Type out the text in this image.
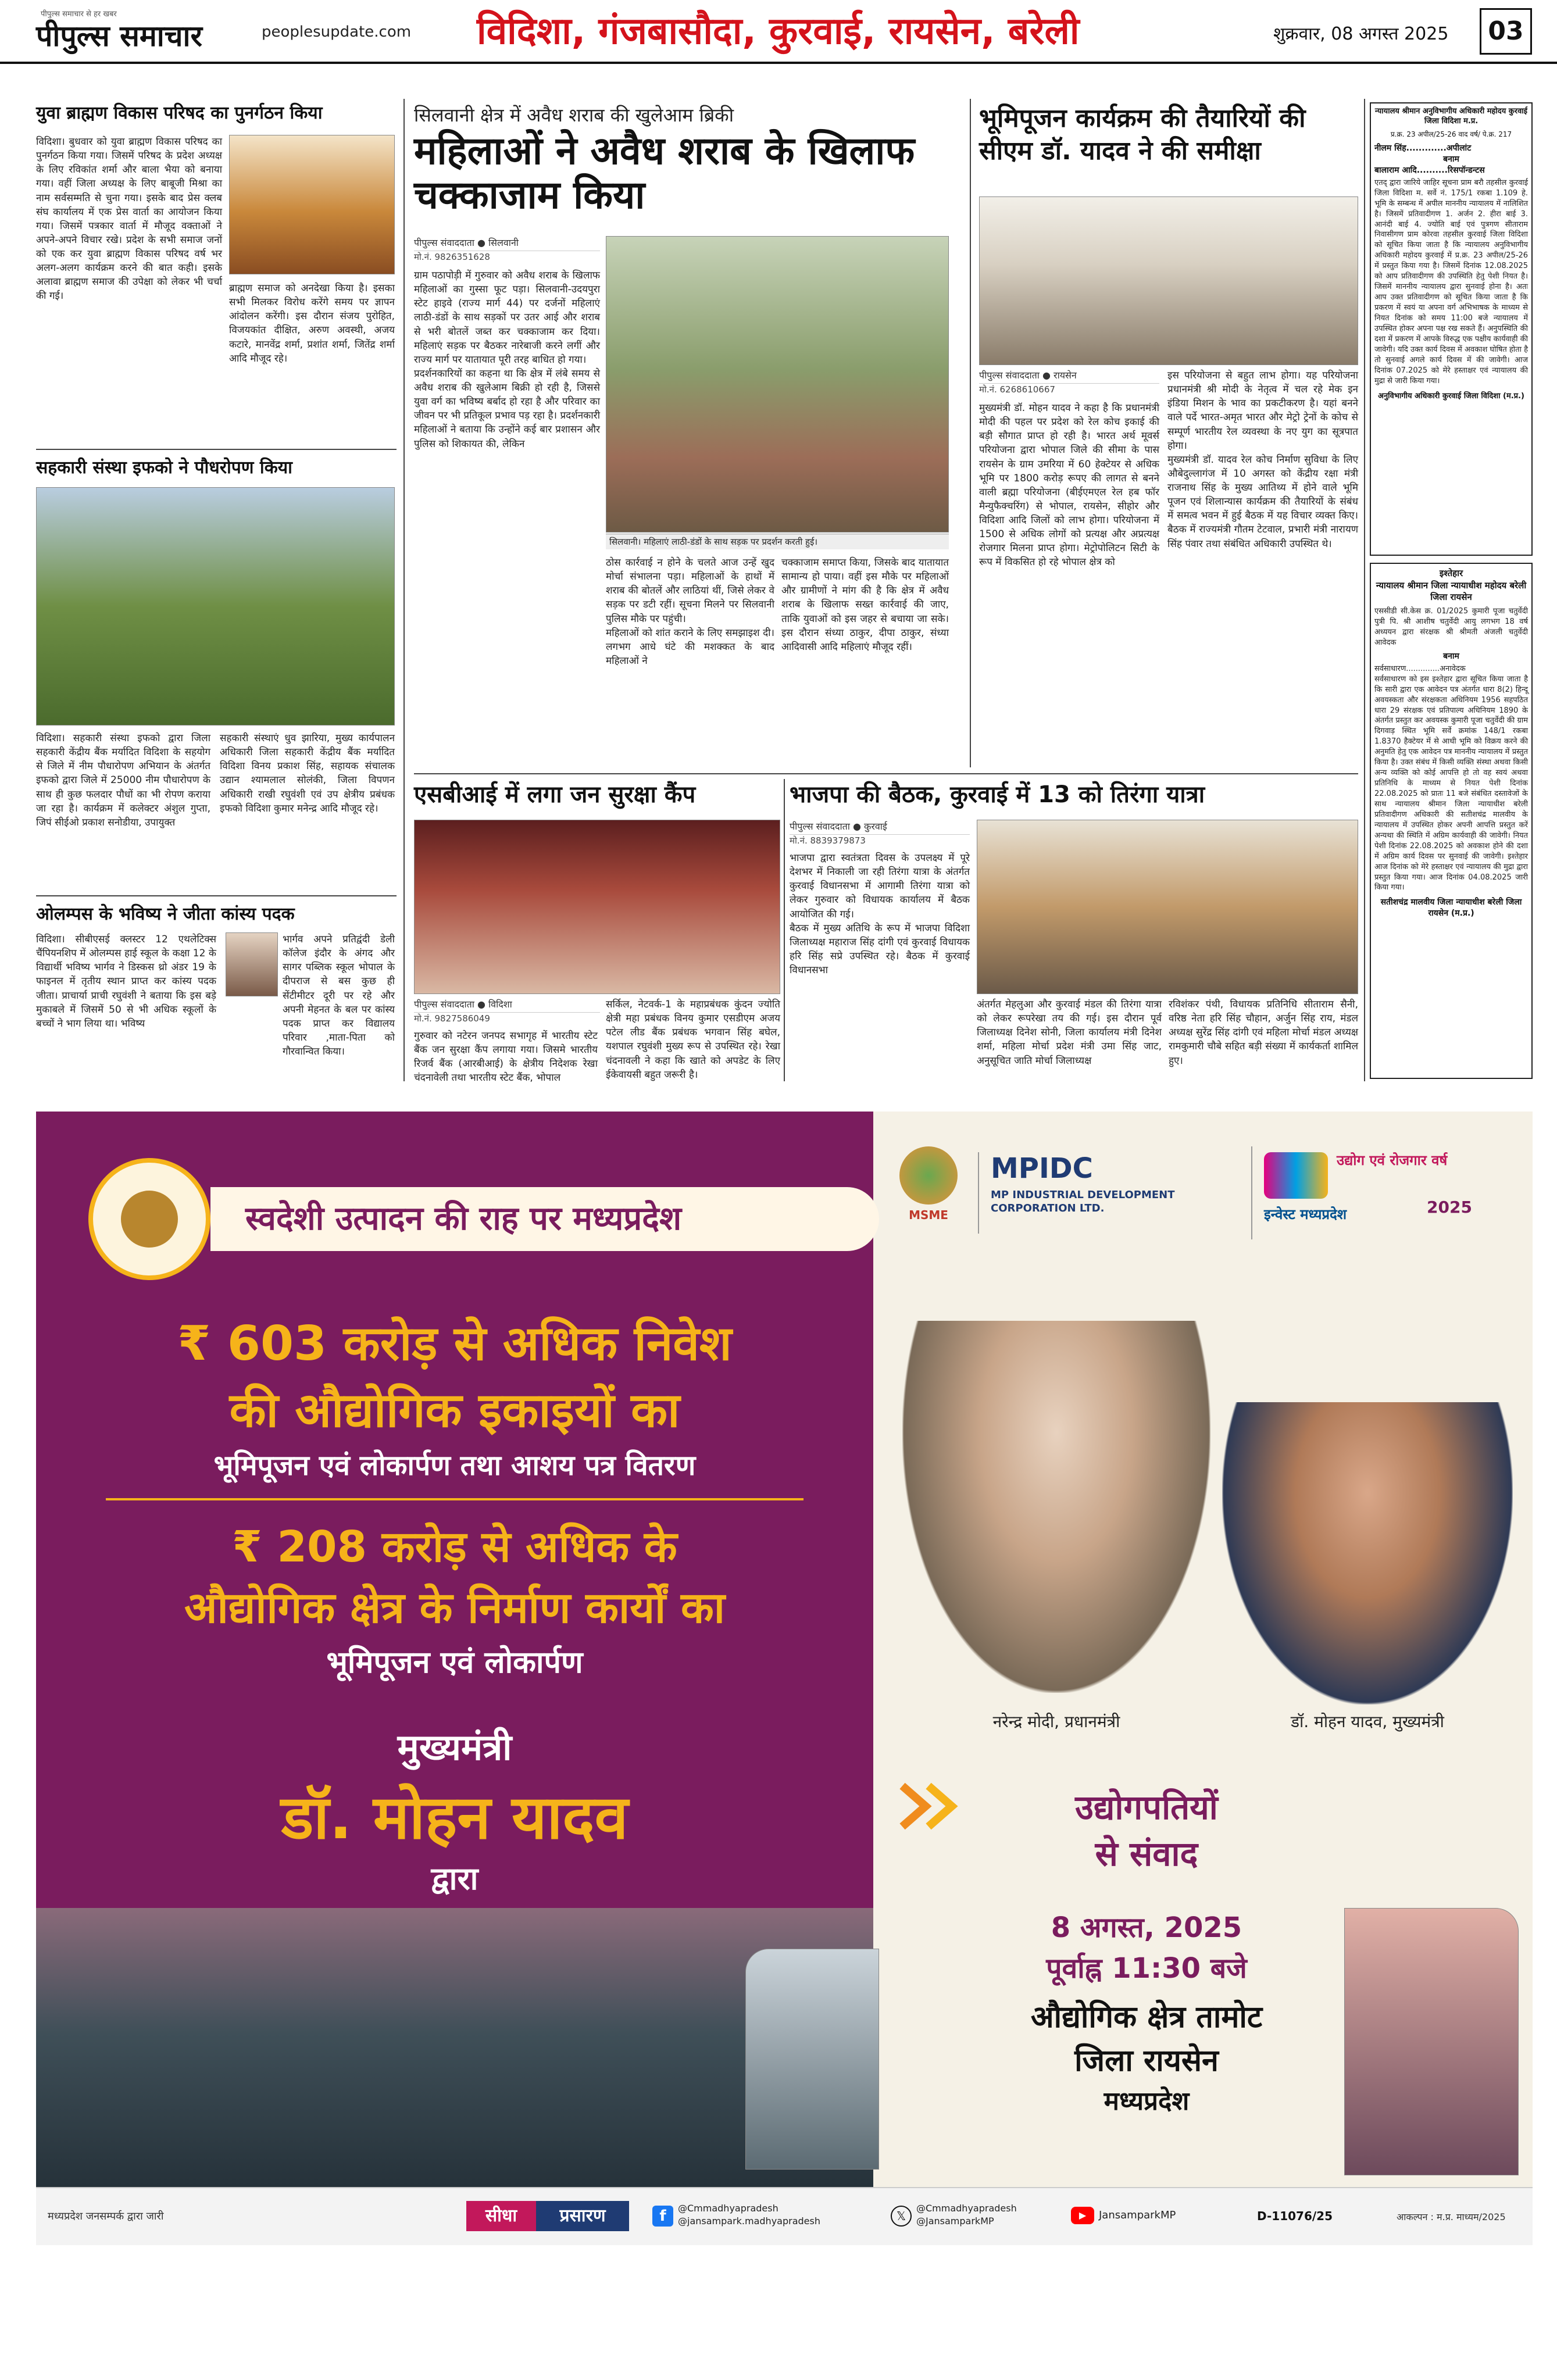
पीपुल्स समाचार से हर खबर
पीपुल्स समाचार	peoplesupdate.com विदिशा, गंजबासौदा, कुरवाई, रायसेन, बरेली	शुक्रवार, 08 अगस्त 2025	03
युवा ब्राह्मण विकास परिषद का पुनर्गठन किया
विदिशा। बुधवार को युवा ब्राह्मण विकास परिषद का पुनर्गठन किया गया। जिसमें परिषद के प्रदेश अध्यक्ष के लिए रविकांत शर्मा और बाला भैया को बनाया गया। वहीं जिला अध्यक्ष के लिए बाबूजी मिश्रा का नाम सर्वसम्मति से चुना गया। इसके बाद प्रेस क्लब संघ कार्यालय में एक प्रेस वार्ता का आयोजन किया गया। जिसमें पत्रकार वार्ता में मौजूद वक्ताओं ने अपने-अपने विचार रखे। प्रदेश के सभी समाज जनों को एक कर युवा ब्राह्मण विकास परिषद वर्ष भर अलग-अलग कार्यक्रम करने की बात कही। इसके अलावा ब्राह्मण समाज की उपेक्षा को लेकर भी चर्चा की गई।
ब्राह्मण समाज को अनदेखा किया है। इसका सभी मिलकर विरोध करेंगे समय पर ज्ञापन आंदोलन करेंगी। इस दौरान संजय पुरोहित, विजयकांत दीक्षित, अरुण अवस्थी, अजय कटारे, मानवेंद्र शर्मा, प्रशांत शर्मा, जितेंद्र शर्मा आदि मौजूद रहे।
सहकारी संस्था इफको ने पौधरोपण किया
विदिशा। सहकारी संस्था इफको द्वारा जिला सहकारी केंद्रीय बैंक मर्यादित विदिशा के सहयोग से जिले में नीम पौधारोपण अभियान के अंतर्गत इफको द्वारा जिले में 25000 नीम पौधारोपण के साथ ही कुछ फलदार पौधों का भी रोपण कराया जा रहा है। कार्यक्रम में कलेक्टर अंशुल गुप्ता, जिपं सीईओ प्रकाश सनोडीया, उपायुक्त
सहकारी संस्थाएं धुव झारिया, मुख्य कार्यपालन अधिकारी जिला सहकारी केंद्रीय बैंक मर्यादित विदिशा विनय प्रकाश सिंह, सहायक संचालक उद्यान श्यामलाल सोलंकी, जिला विपणन अधिकारी राखी रघुवंशी एवं उप क्षेत्रीय प्रबंधक इफको विदिशा कुमार मनेन्द्र आदि मौजूद रहे।
ओलम्पस के भविष्य ने जीता कांस्य पदक
विदिशा। सीबीएसई क्लस्टर 12 एथलेटिक्स चैंपियनशिप में ओलम्पस हाई स्कूल के कक्षा 12 के विद्यार्थी भविष्य भार्गव ने डिस्कस थ्रो अंडर 19 के फाइनल में तृतीय स्थान प्राप्त कर कांस्य पदक जीता। प्राचार्या प्राची रघुवंशी ने बताया कि इस बड़े मुकाबले में जिसमें 50 से भी अधिक स्कूलों के बच्चों ने भाग लिया था। भविष्य
भार्गव अपने प्रतिद्वंदी डेली कॉलेज इंदौर के अंगद और सागर पब्लिक स्कूल भोपाल के दीपराज से बस कुछ ही सेंटीमीटर दूरी पर रहे और अपनी मेहनत के बल पर कांस्य पदक प्राप्त कर विद्यालय परिवार ,माता-पिता को गौरवान्वित किया।
सिलवानी क्षेत्र में अवैध शराब की खुलेआम ब्रिकी
महिलाओं ने अवैध शराब के खिलाफ चक्काजाम किया
पीपुल्स संवाददाता ● सिलवानी
मो.नं. 9826351628
ग्राम पठापोड़ी में गुरुवार को अवैध शराब के खिलाफ महिलाओं का गुस्सा फूट पड़ा। सिलवानी-उदयपुरा स्टेट हाइवे (राज्य मार्ग 44) पर दर्जनों महिलाएं लाठी-डंडों के साथ सड़कों पर उतर आई और शराब से भरी बोतलें जब्त कर चक्काजाम कर दिया। महिलाएं सड़क पर बैठकर नारेबाजी करने लगीं और राज्य मार्ग पर यातायात पूरी तरह बाधित हो गया।
प्रदर्शनकारियों का कहना था कि क्षेत्र में लंबे समय से अवैध शराब की खुलेआम बिक्री हो रही है, जिससे युवा वर्ग का भविष्य बर्बाद हो रहा है और परिवार का जीवन पर भी प्रतिकूल प्रभाव पड़ रहा है। प्रदर्शनकारी महिलाओं ने बताया कि उन्होंने कई बार प्रशासन और पुलिस को शिकायत की, लेकिन
सिलवानी। महिलाएं लाठी-डंडों के साथ सड़क पर प्रदर्शन करती हुई।
ठोस कार्रवाई न होने के चलते आज उन्हें खुद मोर्चा संभालना पड़ा। महिलाओं के हाथों में शराब की बोतलें और लाठियां थीं, जिसे लेकर वे सड़क पर डटी रहीं। सूचना मिलने पर सिलवानी पुलिस मौके पर पहुंची।
महिलाओं को शांत कराने के लिए समझाइश दी। लगभग आधे घंटे की मशक्कत के बाद महिलाओं ने
चक्काजाम समाप्त किया, जिसके बाद यातायात सामान्य हो पाया। वहीं इस मौके पर महिलाओं और ग्रामीणों ने मांग की है कि क्षेत्र में अवैध शराब के खिलाफ सख्त कार्रवाई की जाए, ताकि युवाओं को इस जहर से बचाया जा सके। इस दौरान संध्या ठाकुर, दीपा ठाकुर, संध्या आदिवासी आदि महिलाएं मौजूद रहीं।
एसबीआई में लगा जन सुरक्षा कैंप
पीपुल्स संवाददाता ● विदिशा
मो.नं. 9827586049
गुरुवार को नटेरन जनपद सभागृह में भारतीय स्टेट बैंक जन सुरक्षा कैंप लगाया गया। जिसमे भारतीय रिजर्व बैंक (आरबीआई) के क्षेत्रीय निदेशक रेखा चंदनावेली तथा भारतीय स्टेट बैंक, भोपाल
सर्किल, नेटवर्क-1 के महाप्रबंधक कुंदन ज्योति क्षेत्री महा प्रबंधक विनय कुमार एसडीएम अजय पटेल लीड बैंक प्रबंधक भगवान सिंह बघेल, यशपाल रघुवंशी मुख्य रूप से उपस्थित रहे। रेखा चंदनावली ने कहा कि खाते को अपडेट के लिए ईकेवायसी बहुत जरूरी है।
भाजपा की बैठक, कुरवाई में 13 को तिरंगा यात्रा
पीपुल्स संवाददाता ● कुरवाई
मो.नं. 8839379873
भाजपा द्वारा स्वतंत्रता दिवस के उपलक्ष्य में पूरे देशभर में निकाली जा रही तिरंगा यात्रा के अंतर्गत कुरवाई विधानसभा में आगामी तिरंगा यात्रा को लेकर गुरुवार को विधायक कार्यालय में बैठक आयोजित की गई।
बैठक में मुख्य अतिथि के रूप में भाजपा विदिशा जिलाध्यक्ष महाराज सिंह दांगी एवं कुरवाई विधायक हरि सिंह सप्रे उपस्थित रहे। बैठक में कुरवाई विधानसभा
अंतर्गत मेहलुआ और कुरवाई मंडल की तिरंगा यात्रा को लेकर रूपरेखा तय की गई। इस दौरान पूर्व जिलाध्यक्ष दिनेश सोनी, जिला कार्यालय मंत्री दिनेश शर्मा, महिला मोर्चा प्रदेश मंत्री उमा सिंह जाट, अनुसूचित जाति मोर्चा जिलाध्यक्ष
रविशंकर पंथी, विधायक प्रतिनिधि सीताराम सैनी, वरिष्ठ नेता हरि सिंह चौहान, अर्जुन सिंह राय, मंडल अध्यक्ष सुरेंद्र सिंह दांगी एवं महिला मोर्चा मंडल अध्यक्ष रामकुमारी चौबे सहित बड़ी संख्या में कार्यकर्ता शामिल हुए।
भूमिपूजन कार्यक्रम की तैयारियों की सीएम डॉ. यादव ने की समीक्षा
पीपुल्स संवाददाता ● रायसेन
मो.नं. 6268610667
मुख्यमंत्री डॉ. मोहन यादव ने कहा है कि प्रधानमंत्री मोदी की पहल पर प्रदेश को रेल कोच इकाई की बड़ी सौगात प्राप्त हो रही है। भारत अर्थ मूवर्स परियोजना द्वारा भोपाल जिले की सीमा के पास रायसेन के ग्राम उमरिया में 60 हेक्टेयर से अधिक भूमि पर 1800 करोड़ रूपए की लागत से बनने वाली ब्रह्मा परियोजना (बीईएमएल रेल हब फॉर मैन्युफैक्चरिंग) से भोपाल, रायसेन, सीहोर और विदिशा आदि जिलों को लाभ होगा। परियोजना में 1500 से अधिक लोगों को प्रत्यक्ष और अप्रत्यक्ष रोजगार मिलना प्राप्त होगा। मेट्रोपोलिटन सिटी के रूप में विकसित हो रहे भोपाल क्षेत्र को
इस परियोजना से बहुत लाभ होगा। यह परियोजना प्रधानमंत्री श्री मोदी के नेतृत्व में चल रहे मेक इन इंडिया मिशन के भाव का प्रकटीकरण है। यहां बनने वाले पर्दे भारत-अमृत भारत और मेट्रो ट्रेनों के कोच से सम्पूर्ण भारतीय रेल व्यवस्था के नए युग का सूत्रपात होगा।
मुख्यमंत्री डॉ. यादव रेल कोच निर्माण सुविधा के लिए औबेदुल्लागंज में 10 अगस्त को केंद्रीय रक्षा मंत्री राजनाथ सिंह के मुख्य आतिथ्य में होने वाले भूमि पूजन एवं शिलान्यास कार्यक्रम की तैयारियों के संबंध में समत्व भवन में हुई बैठक में यह विचार व्यक्त किए। बैठक में राज्यमंत्री गौतम टेटवाल, प्रभारी मंत्री नारायण सिंह पंवार तथा संबंधित अधिकारी उपस्थित थे।
न्यायालय श्रीमान अनुविभागीय अधिकारी महोदय कुरवाई जिला विदिशा म.प्र.
प्र.क्र. 23 अपील/25-26 वाद वर्ष/ पे.क्र. 217
नीलम सिंह.............अपीलांट
बनाम
बालाराम आदि..........रिसपॉन्डन्टस
एतद् द्वारा जारिये जाहिर सूचना प्राम बरौ तहसील कुरवाई जिला विदिशा म. सर्वे नं. 175/1 रकबा 1.109 हे. भूमि के सम्बन्ध में अपील माननीय न्यायालय में नालिशित है। जिसमें प्रतिवादीगण 1. अर्जन 2. हीरा बाई 3. आनंदी बाई 4. ज्योति बाई एवं पुत्रगण सीताराम निवासीगण प्राम कोरवा तहसील कुरवाई जिला विदिशा को सूचित किया जाता है कि न्यायालय अनुविभागीय अधिकारी महोदय कुरवाई में प्र.क्र. 23 अपील/25-26 में प्रस्तुत किया गया है। जिसमें दिनांक 12.08.2025 को आप प्रतिवादीगण की उपस्थिति हेतु पेशी नियत है। जिसमें माननीय न्यायालय द्वारा सुनवाई होना है। अतः आप उक्त प्रतिवादीगण को सूचित किया जाता है कि प्रकरण में स्वयं या अपना वर्ग अभिभाषक के माध्यम से नियत दिनांक को समय 11:00 बजे न्यायालय में उपस्थित होकर अपना पक्ष रख सकते हैं। अनुपस्थिति की दशा में प्रकरण में आपके विरुद्ध एक पक्षीय कार्यवाही की जावेगी। यदि उक्त कार्य दिवस में अवकाश घोषित होता है तो सुनवाई अगले कार्य दिवस में की जावेगी। आज दिनांक 07.2025 को मेरे हस्ताक्षर एवं न्यायालय की मुद्रा से जारी किया गया।
अनुविभागीय अधिकारी कुरवाई जिला विदिशा (म.प्र.)
इश्तेहार
न्यायालय श्रीमान जिला न्यायाधीश महोदय बरेली जिला रायसेन
एससीडी सी.केस क्र. 01/2025 कुमारी पूजा चतुर्वेदी पुत्री पि. श्री आशीष चतुर्वेदी आयु लगभग 18 वर्ष अध्ययन द्वारा संरक्षक श्री श्रीमती अंजली चतुर्वेदी आवेदक
बनाम
सर्वसाधारण..............अनावेदक
सर्वसाधारण को इस इश्तेहार द्वारा सूचित किया जाता है कि सारी द्वारा एक आवेदन पत्र अंतर्गत धारा 8(2) हिन्दू अवयस्कता और संरक्षकता अधिनियम 1956 सहपठित धारा 29 संरक्षक एवं प्रतिपाल्य अधिनियम 1890 के अंतर्गत प्रस्तुत कर अवयस्क कुमारी पूजा चतुर्वेदी की ग्राम दिगवाड़ स्थित भूमि सर्वे क्रमांक 148/1 रकबा 1.8370 हैक्टेयर में से आधी भूमि को विक्रय करने की अनुमति हेतु एक आवेदन पत्र माननीय न्यायालय में प्रस्तुत किया है। उक्त संबंध में किसी व्यक्ति संस्था अथवा किसी अन्य व्यक्ति को कोई आपत्ति हो तो वह स्वयं अथवा प्रतिनिधि के माध्यम से नियत पेशी दिनांक 22.08.2025 को प्रातः 11 बजे संबंधित दस्तावेजों के साथ न्यायालय श्रीमान जिला न्यायाधीश बरेली प्रतिवादीगण अधिकारी की सतीशचंद्र मालवीय के न्यायालय में उपस्थित होकर अपनी आपत्ति प्रस्तुत करें अन्यथा की स्थिति में अग्रिम कार्यवाही की जावेगी। नियत पेशी दिनांक 22.08.2025 को अवकाश होने की दशा में अग्रिम कार्य दिवस पर सुनवाई की जावेगी। इश्तेहार आज दिनांक को मेरे हस्ताक्षर एवं न्यायालय की मुद्रा द्वारा प्रस्तुत किया गया। आज दिनांक 04.08.2025 जारी किया गया।
सतीशचंद्र मालवीय जिला न्यायाधीश बरेली जिला रायसेन (म.प्र.)
स्वदेशी उत्पादन की राह पर मध्यप्रदेश
₹ 603 करोड़ से अधिक निवेश
की औद्योगिक इकाइयों का
भूमिपूजन एवं लोकार्पण तथा आशय पत्र वितरण
₹ 208 करोड़ से अधिक के
औद्योगिक क्षेत्र के निर्माण कार्यों का
भूमिपूजन एवं लोकार्पण
मुख्यमंत्री
डॉ. मोहन यादव
द्वारा
MSME
MPIDC
MP INDUSTRIAL DEVELOPMENT CORPORATION LTD.
उद्योग एवं रोजगार वर्ष
2025
इन्वेस्ट मध्यप्रदेश
नरेन्द्र मोदी, प्रधानमंत्री	डॉ. मोहन यादव, मुख्यमंत्री
उद्योगपतियों
से संवाद
8 अगस्त, 2025
पूर्वाह्न 11:30 बजे
औद्योगिक क्षेत्र तामोट
जिला रायसेन
मध्यप्रदेश
मध्यप्रदेश जनसम्पर्क द्वारा जारी	सीधा	प्रसारण	f	@Cmmadhyapradesh
@jansampark.madhyapradesh	𝕏
@Cmmadhyapradesh
@JansamparkMP
▶	JansamparkMP	D-11076/25	आकल्पन : म.प्र. माध्यम/2025
